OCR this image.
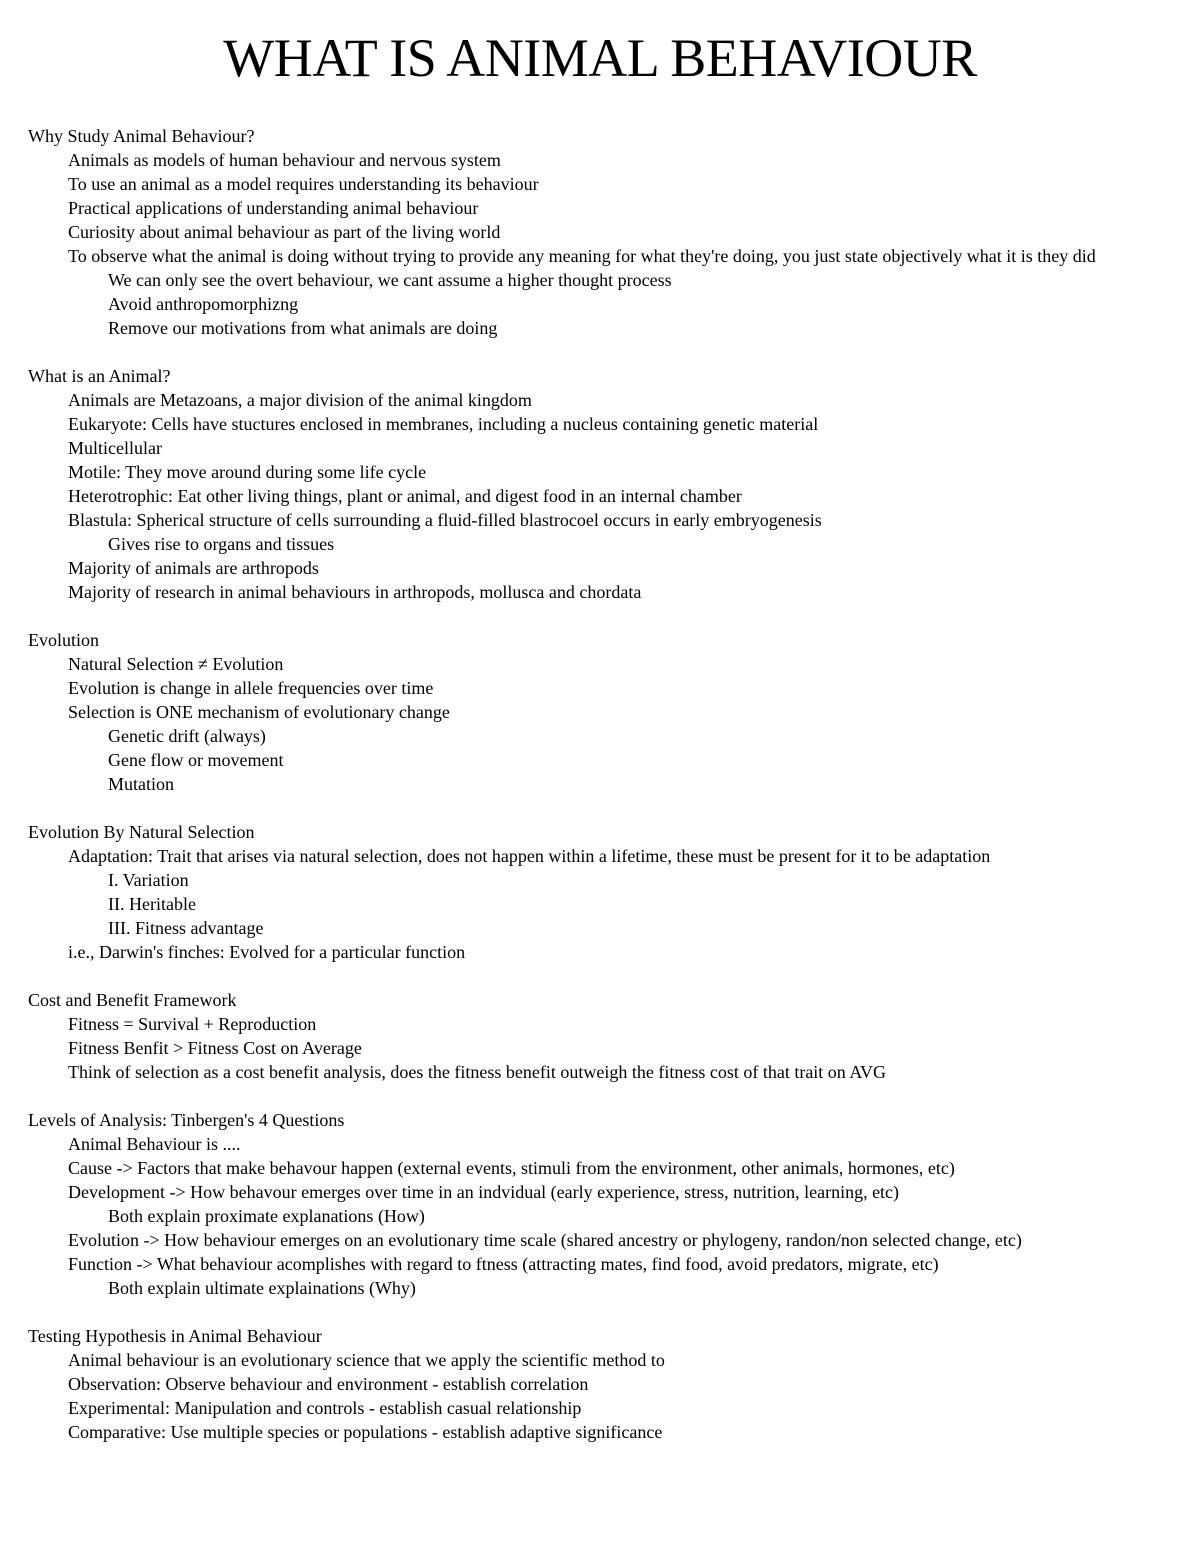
WHAT IS ANIMAL BEHAVIOUR
Why Study Animal Behaviour?
Animals as models of human behaviour and nervous system
To use an animal as a model requires understanding its behaviour
Practical applications of understanding animal behaviour
Curiosity about animal behaviour as part of the living world
To observe what the animal is doing without trying to provide any meaning for what they're doing, you just state objectively what it is they did
We can only see the overt behaviour, we cant assume a higher thought process
Avoid anthropomorphizng
Remove our motivations from what animals are doing
What is an Animal?
Animals are Metazoans, a major division of the animal kingdom
Eukaryote: Cells have stuctures enclosed in membranes, including a nucleus containing genetic material
Multicellular
Motile: They move around during some life cycle
Heterotrophic: Eat other living things, plant or animal, and digest food in an internal chamber
Blastula: Spherical structure of cells surrounding a fluid-filled blastrocoel occurs in early embryogenesis
Gives rise to organs and tissues
Majority of animals are arthropods
Majority of research in animal behaviours in arthropods, mollusca and chordata
Evolution
Natural Selection ≠ Evolution
Evolution is change in allele frequencies over time
Selection is ONE mechanism of evolutionary change
Genetic drift (always)
Gene flow or movement
Mutation
Evolution By Natural Selection
Adaptation: Trait that arises via natural selection, does not happen within a lifetime, these must be present for it to be adaptation
I. Variation
II. Heritable
III. Fitness advantage
i.e., Darwin's finches: Evolved for a particular function
Cost and Benefit Framework
Fitness = Survival + Reproduction
Fitness Benfit > Fitness Cost on Average
Think of selection as a cost benefit analysis, does the fitness benefit outweigh the fitness cost of that trait on AVG
Levels of Analysis: Tinbergen's 4 Questions
Animal Behaviour is ....
Cause -> Factors that make behavour happen (external events, stimuli from the environment, other animals, hormones, etc)
Development -> How behavour emerges over time in an indvidual (early experience, stress, nutrition, learning, etc)
Both explain proximate explanations (How)
Evolution -> How behaviour emerges on an evolutionary time scale (shared ancestry or phylogeny, randon/non selected change, etc)
Function -> What behaviour acomplishes with regard to ftness (attracting mates, find food, avoid predators, migrate, etc)
Both explain ultimate explainations (Why)
Testing Hypothesis in Animal Behaviour
Animal behaviour is an evolutionary science that we apply the scientific method to
Observation: Observe behaviour and environment - establish correlation
Experimental: Manipulation and controls - establish casual relationship
Comparative: Use multiple species or populations - establish adaptive significance
